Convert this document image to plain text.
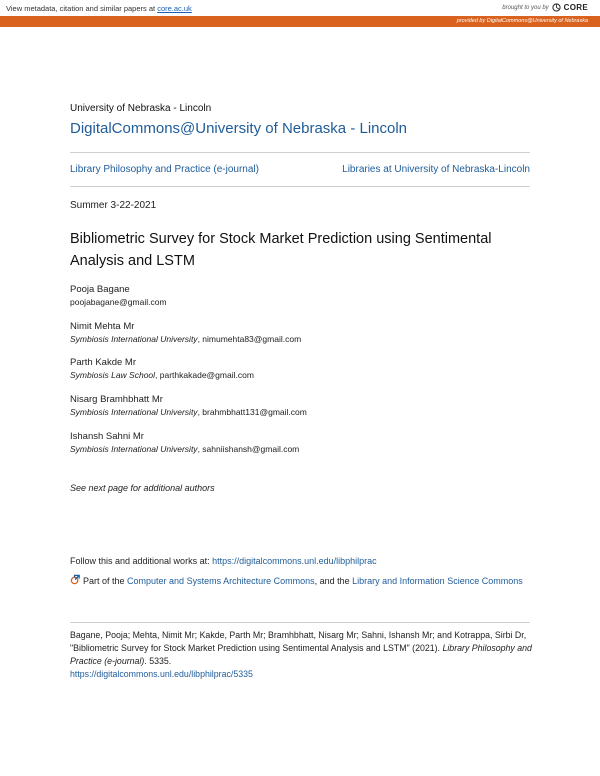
View metadata, citation and similar papers at core.ac.uk	brought to you by CORE
provided by DigitalCommons@University of Nebraska
University of Nebraska - Lincoln
DigitalCommons@University of Nebraska - Lincoln
Library Philosophy and Practice (e-journal)	Libraries at University of Nebraska-Lincoln
Summer 3-22-2021
Bibliometric Survey for Stock Market Prediction using Sentimental Analysis and LSTM
Pooja Bagane
poojabagane@gmail.com
Nimit Mehta Mr
Symbiosis International University, nimumehta83@gmail.com
Parth Kakde Mr
Symbiosis Law School, parthkakade@gmail.com
Nisarg Bramhbhatt Mr
Symbiosis International University, brahmbhatt131@gmail.com
Ishansh Sahni Mr
Symbiosis International University, sahniishansh@gmail.com
See next page for additional authors
Follow this and additional works at: https://digitalcommons.unl.edu/libphilprac
Part of the Computer and Systems Architecture Commons, and the Library and Information Science Commons
Bagane, Pooja; Mehta, Nimit Mr; Kakde, Parth Mr; Bramhbhatt, Nisarg Mr; Sahni, Ishansh Mr; and Kotrappa, Sirbi Dr, "Bibliometric Survey for Stock Market Prediction using Sentimental Analysis and LSTM" (2021). Library Philosophy and Practice (e-journal). 5335.
https://digitalcommons.unl.edu/libphilprac/5335
